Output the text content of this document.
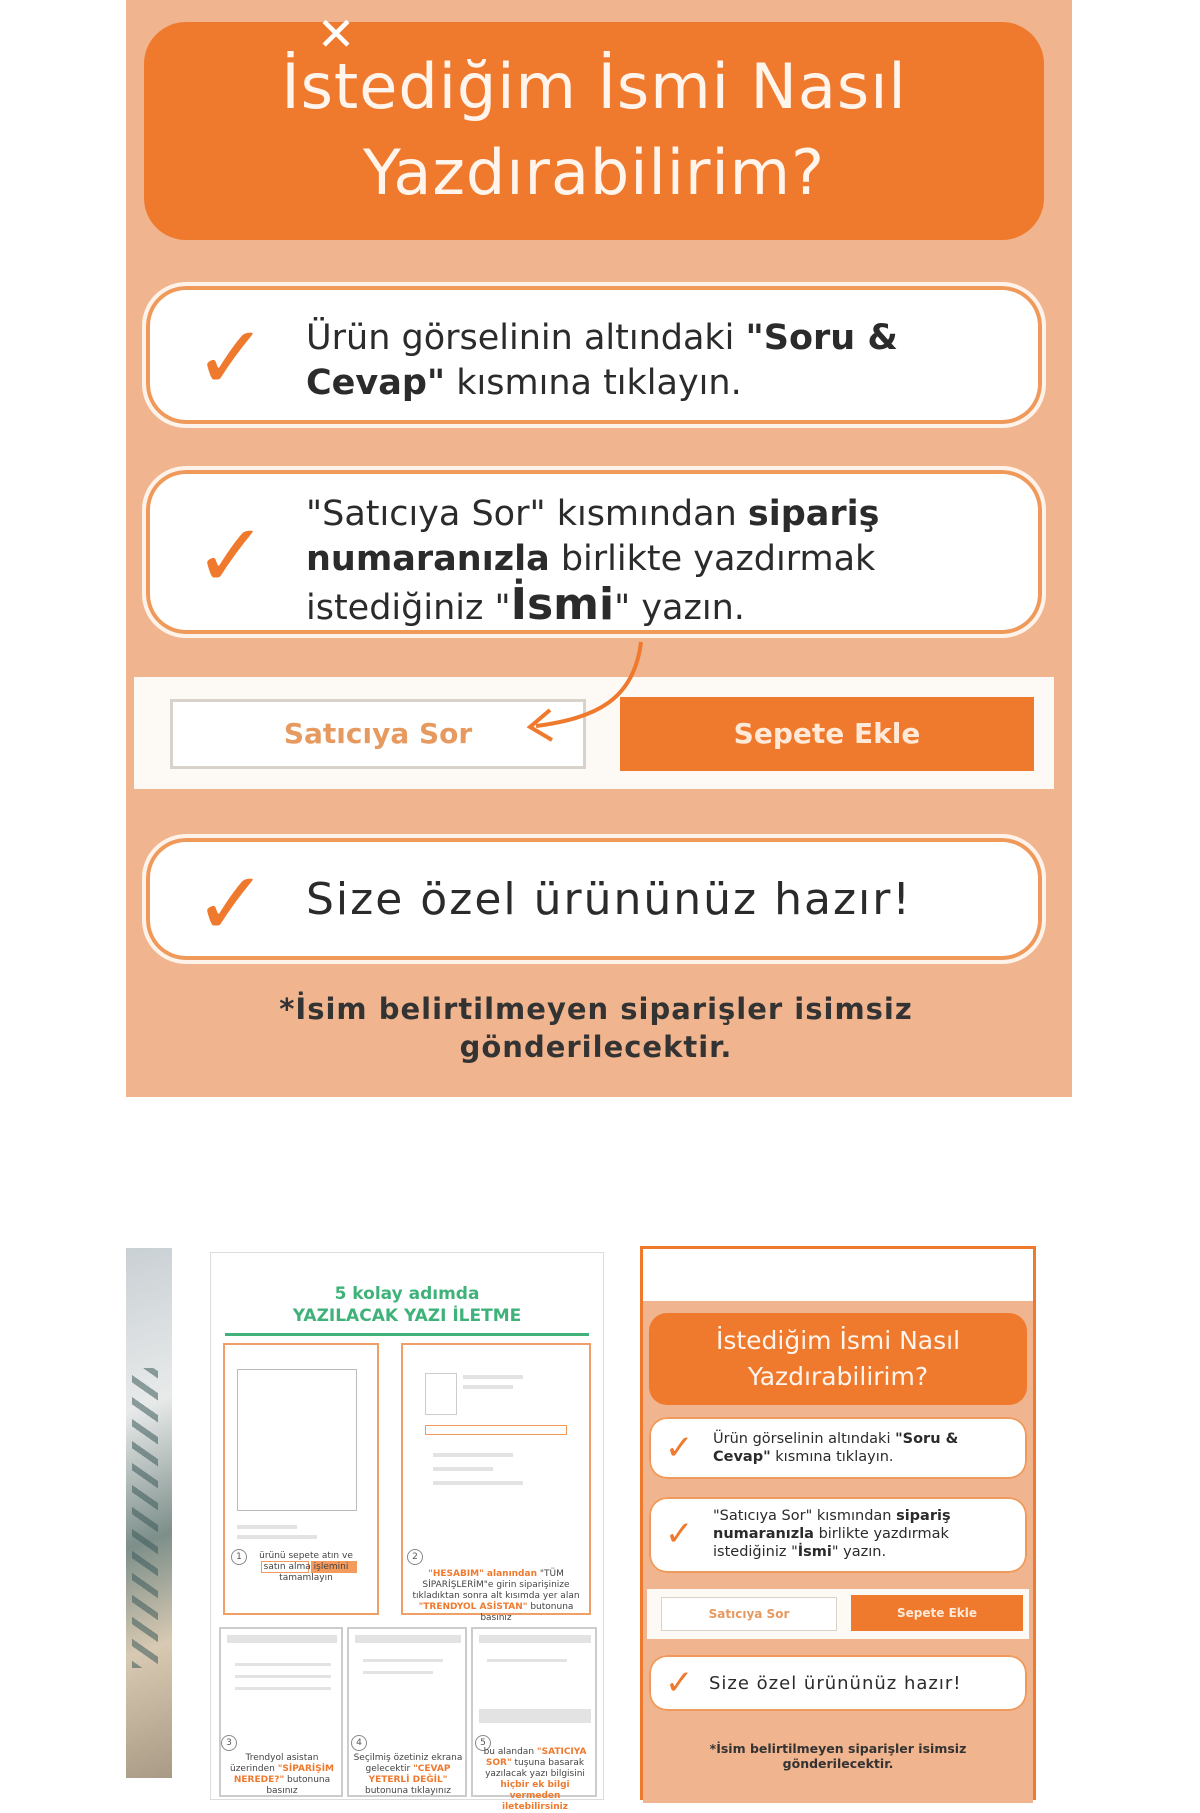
İstediğim İsmi Nasıl
Yazdırabilirim?
✓ Ürün görselinin altındaki "Soru & Cevap" kısmına tıklayın.
✓ "Satıcıya Sor" kısmından sipariş numaranızla birlikte yazdırmak istediğiniz "İsmi" yazın.
Satıcıya Sor	Sepete Ekle
✓ Size özel ürününüz hazır!
*İsim belirtilmeyen siparişler isimsiz gönderilecektir.
✕
5 kolay adımda
YAZILACAK YAZI İLETME
1	ürünü sepete atın ve satın alma işlemini tamamlayın
2
"HESABIM" alanından "TÜM SİPARİŞLERİM"e girin siparişinize tıkladıktan sonra alt kısımda yer alan "TRENDYOL ASİSTAN" butonuna basınız
3
Trendyol asistan üzerinden "SİPARİŞİM NEREDE?" butonuna basınız
4
Seçilmiş özetiniz ekrana gelecektir "CEVAP YETERLİ DEĞİL" butonuna tıklayınız
5
bu alandan "SATICIYA SOR" tuşuna basarak yazılacak yazı bilgisini hiçbir ek bilgi vermeden iletebilirsiniz
İstediğim İsmi Nasıl
Yazdırabilirim?
✓ Ürün görselinin altındaki "Soru & Cevap" kısmına tıklayın.
✓ "Satıcıya Sor" kısmından sipariş numaranızla birlikte yazdırmak istediğiniz "İsmi" yazın.
Satıcıya Sor	Sepete Ekle
✓ Size özel ürününüz hazır!
*İsim belirtilmeyen siparişler isimsiz gönderilecektir.
